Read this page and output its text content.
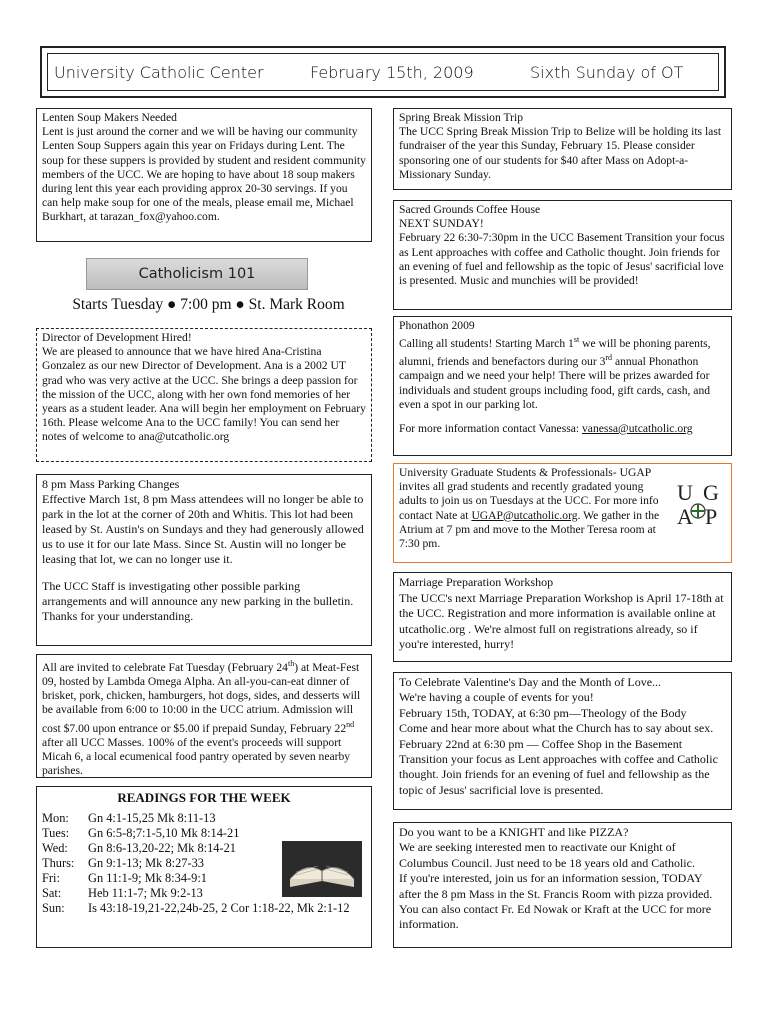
University Catholic Center	February 15th, 2009	Sixth Sunday of OT
Lenten Soup Makers Needed

Lent is just around the corner and we will be having our community Lenten Soup Suppers again this year on Fridays during Lent. The soup for these suppers is provided by student and resident community members of the UCC. We are hoping to have about 18 soup makers during lent this year each providing approx 20-30 servings. If you can help make soup for one of the meals, please email me, Michael Burkhart, at tarazan_fox@yahoo.com.

Catholicism 101
Starts Tuesday ● 7:00 pm ● St. Mark Room
Director of Development Hired!

We are pleased to announce that we have hired Ana-Cristina Gonzalez as our new Director of Development. Ana is a 2002 UT grad who was very active at the UCC. She brings a deep passion for the mission of the UCC, along with her own fond memories of her years as a student leader. Ana will begin her employment on February 16th. Please welcome Ana to the UCC family! You can send her notes of welcome to ana@utcatholic.org

8 pm Mass Parking Changes

Effective March 1st, 8 pm Mass attendees will no longer be able to park in the lot at the corner of 20th and Whitis. This lot had been leased by St. Austin's on Sundays and they had generously allowed us to use it for our late Mass. Since St. Austin will no longer be leasing that lot, we can no longer use it.

The UCC Staff is investigating other possible parking arrangements and will announce any new parking in the bulletin. Thanks for your understanding.

All are invited to celebrate Fat Tuesday (February 24th) at Meat-Fest 09, hosted by Lambda Omega Alpha. An all-you-can-eat dinner of brisket, pork, chicken, hamburgers, hot dogs, sides, and desserts will be available from 6:00 to 10:00 in the UCC atrium. Admission will cost $7.00 upon entrance or $5.00 if prepaid Sunday, February 22nd after all UCC Masses. 100% of the event's proceeds will support Micah 6, a local ecumenical food pantry operated by seven nearby parishes.

READINGS FOR THE WEEK
Mon:	Gn 4:1-15,25 Mk 8:11-13
Tues:	Gn 6:5-8;7:1-5,10 Mk 8:14-21
Wed:	Gn 8:6-13,20-22; Mk 8:14-21
Thurs:	Gn 9:1-13; Mk 8:27-33
Fri:	Gn 11:1-9; Mk 8:34-9:1
Sat:	Heb 11:1-7; Mk 9:2-13
Sun:	Is 43:18-19,21-22,24b-25, 2 Cor 1:18-22, Mk 2:1-12
Spring Break Mission Trip

The UCC Spring Break Mission Trip to Belize will be holding its last fundraiser of the year this Sunday, February 15. Please consider sponsoring one of our students for $40 after Mass on Adopt-a-Missionary Sunday.

Sacred Grounds Coffee House
NEXT SUNDAY!

February 22 6:30-7:30pm in the UCC Basement Transition your focus as Lent approaches with coffee and Catholic thought. Join friends for an evening of fuel and fellowship as the topic of Jesus' sacrificial love is presented. Music and munchies will be provided!

Phonathon 2009

Calling all students! Starting March 1st we will be phoning parents, alumni, friends and benefactors during our 3rd annual Phonathon campaign and we need your help! There will be prizes awarded for individuals and student groups including food, gift cards, cash, and even a spot in our parking lot.

For more information contact Vanessa: vanessa@utcatholic.org

University Graduate Students & Professionals- UGAP

invites all grad students and recently gradated young adults to join us on Tuesdays at the UCC. For more info contact Nate at UGAP@utcatholic.org. We gather in the Atrium at 7 pm and move to the Mother Teresa room at 7:30 pm.

U G
A P
Marriage Preparation Workshop

The UCC's next Marriage Preparation Workshop is April 17-18th at the UCC. Registration and more information is available online at utcatholic.org . We're almost full on registrations already, so if you're interested, hurry!

To Celebrate Valentine's Day and the Month of Love...

We're having a couple of events for you!

February 15th, TODAY, at 6:30 pm—Theology of the Body

Come and hear more about what the Church has to say about sex.

February 22nd at 6:30 pm — Coffee Shop in the Basement

Transition your focus as Lent approaches with coffee and Catholic thought. Join friends for an evening of fuel and fellowship as the topic of Jesus' sacrificial love is presented.

Do you want to be a KNIGHT and like PIZZA?

We are seeking interested men to reactivate our Knight of Columbus Council. Just need to be 18 years old and Catholic.

If you're interested, join us for an information session, TODAY after the 8 pm Mass in the St. Francis Room with pizza provided. You can also contact Fr. Ed Nowak or Kraft at the UCC for more information.
